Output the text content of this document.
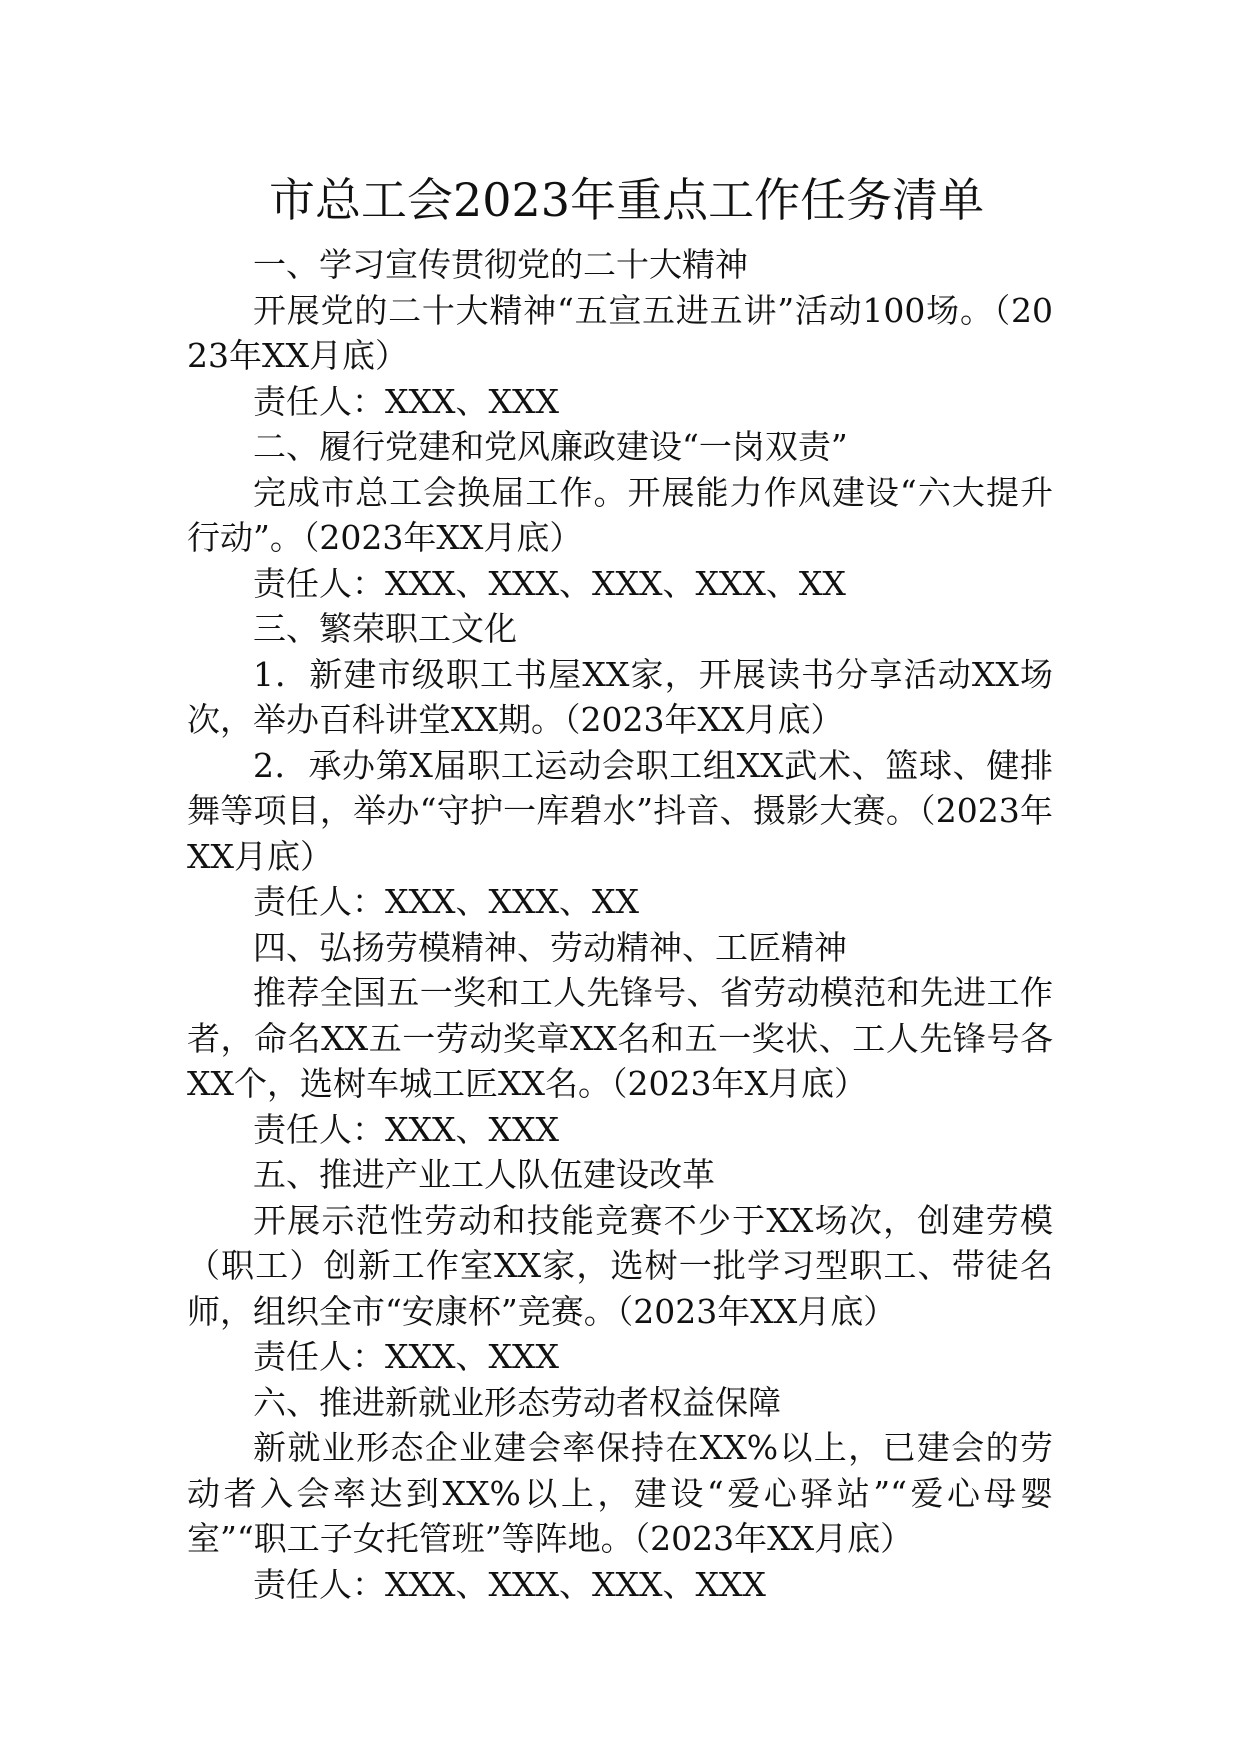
市总工会2023年重点工作任务清单

一、学习宣传贯彻党的二十大精神

开展党的二十大精神“五宣五进五讲”活动100场。（2023年XX月底）

责任人：XXX、XXX

二、履行党建和党风廉政建设“一岗双责”

完成市总工会换届工作。开展能力作风建设“六大提升行动”。（2023年XX月底）

责任人：XXX、XXX、XXX、XXX、XX

三、繁荣职工文化

1．新建市级职工书屋XX家，开展读书分享活动XX场次，举办百科讲堂XX期。（2023年XX月底）

2．承办第X届职工运动会职工组XX武术、篮球、健排舞等项目，举办“守护一库碧水”抖音、摄影大赛。（2023年XX月底）

责任人：XXX、XXX、XX

四、弘扬劳模精神、劳动精神、工匠精神

推荐全国五一奖和工人先锋号、省劳动模范和先进工作者，命名XX五一劳动奖章XX名和五一奖状、工人先锋号各XX个，选树车城工匠XX名。（2023年X月底）

责任人：XXX、XXX

五、推进产业工人队伍建设改革

开展示范性劳动和技能竞赛不少于XX场次，创建劳模（职工）创新工作室XX家，选树一批学习型职工、带徒名师，组织全市“安康杯”竞赛。（2023年XX月底）

责任人：XXX、XXX

六、推进新就业形态劳动者权益保障

新就业形态企业建会率保持在XX%以上，已建会的劳动者入会率达到XX%以上，建设“爱心驿站”“爱心母婴室”“职工子女托管班”等阵地。（2023年XX月底）

责任人：XXX、XXX、XXX、XXX
